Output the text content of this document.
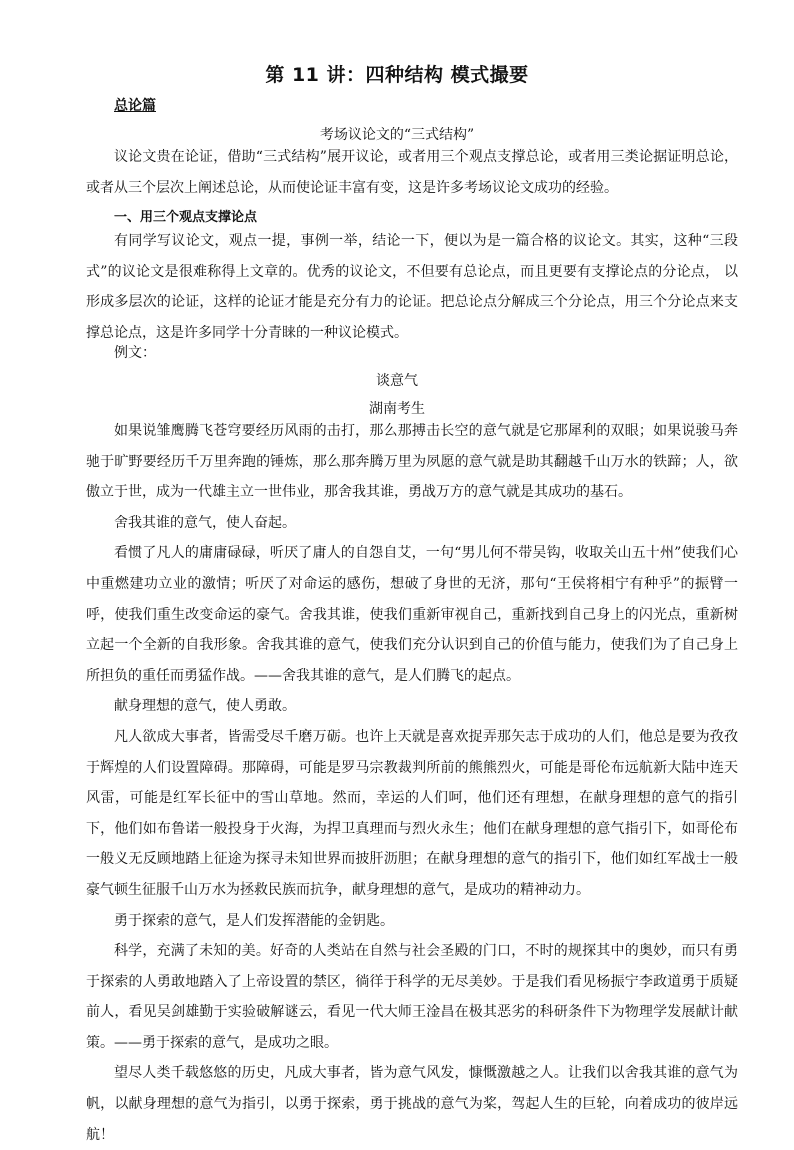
第 11 讲：四种结构 模式撮要
总论篇
考场议论文的“三式结构”

议论文贵在论证，借助“三式结构”展开议论，或者用三个观点支撑总论，或者用三类论据证明总论，或者从三个层次上阐述总论，从而使论证丰富有变，这是许多考场议论文成功的经验。

一、用三个观点支撑论点

有同学写议论文，观点一提，事例一举，结论一下，便以为是一篇合格的议论文。其实，这种“三段式”的议论文是很难称得上文章的。优秀的议论文，不但要有总论点，而且更要有支撑论点的分论点， 以形成多层次的论证，这样的论证才能是充分有力的论证。把总论点分解成三个分论点，用三个分论点来支撑总论点，这是许多同学十分青睐的一种议论模式。

例文：
谈意气
湖南考生

如果说雏鹰腾飞苍穹要经历风雨的击打，那么那搏击长空的意气就是它那犀利的双眼；如果说骏马奔驰于旷野要经历千万里奔跑的锤炼，那么那奔腾万里为夙愿的意气就是助其翻越千山万水的铁蹄；人，欲傲立于世，成为一代雄主立一世伟业，那舍我其谁，勇战万方的意气就是其成功的基石。

舍我其谁的意气，使人奋起。

看惯了凡人的庸庸碌碌，听厌了庸人的自怨自艾，一句“男儿何不带吴钩，收取关山五十州”使我们心中重燃建功立业的激情；听厌了对命运的感伤，想破了身世的无济，那句“王侯将相宁有种乎”的振臂一呼，使我们重生改变命运的豪气。舍我其谁，使我们重新审视自己，重新找到自己身上的闪光点，重新树立起一个全新的自我形象。舍我其谁的意气，使我们充分认识到自己的价值与能力，使我们为了自己身上所担负的重任而勇猛作战。——舍我其谁的意气，是人们腾飞的起点。

献身理想的意气，使人勇敢。

凡人欲成大事者，皆需受尽千磨万砺。也许上天就是喜欢捉弄那矢志于成功的人们，他总是要为孜孜于辉煌的人们设置障碍。那障碍，可能是罗马宗教裁判所前的熊熊烈火，可能是哥伦布远航新大陆中连天风雷，可能是红军长征中的雪山草地。然而，幸运的人们呵，他们还有理想，在献身理想的意气的指引下，他们如布鲁诺一般投身于火海，为捍卫真理而与烈火永生；他们在献身理想的意气指引下，如哥伦布一般义无反顾地踏上征途为探寻未知世界而披肝沥胆；在献身理想的意气的指引下，他们如红军战士一般豪气顿生征服千山万水为拯救民族而抗争，献身理想的意气，是成功的精神动力。

勇于探索的意气，是人们发挥潜能的金钥匙。

科学，充满了未知的美。好奇的人类站在自然与社会圣殿的门口，不时的规探其中的奥妙，而只有勇于探索的人勇敢地踏入了上帝设置的禁区，徜徉于科学的无尽美妙。于是我们看见杨振宁李政道勇于质疑前人，看见吴剑雄勤于实验破解谜云，看见一代大师王淦昌在极其恶劣的科研条件下为物理学发展献计献策。——勇于探索的意气，是成功之眼。

望尽人类千载悠悠的历史，凡成大事者，皆为意气风发，慷慨激越之人。让我们以舍我其谁的意气为帆，以献身理想的意气为指引，以勇于探索，勇于挑战的意气为桨，驾起人生的巨轮，向着成功的彼岸远航！
